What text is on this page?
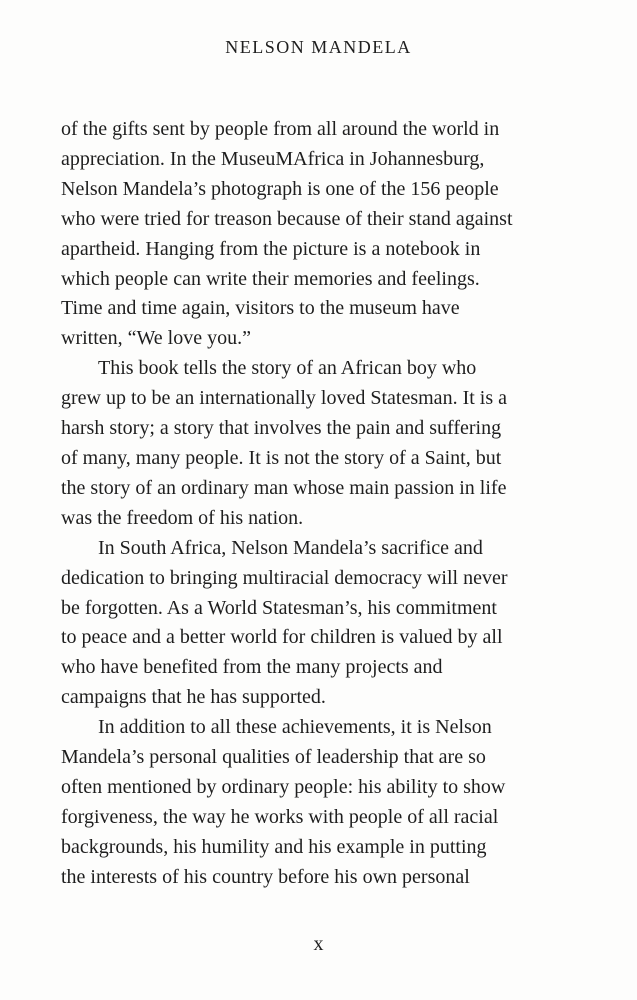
NELSON MANDELA

of the gifts sent by people from all around the world in
appreciation. In the MuseuMAfrica in Johannesburg,
Nelson Mandela’s photograph is one of the 156 people
who were tried for treason because of their stand against
apartheid. Hanging from the picture is a notebook in
which people can write their memories and feelings.
Time and time again, visitors to the museum have
written, “We love you.”

This book tells the story of an African boy who
grew up to be an internationally loved Statesman. It is a
harsh story; a story that involves the pain and suffering
of many, many people. It is not the story of a Saint, but
the story of an ordinary man whose main passion in life
was the freedom of his nation.

In South Africa, Nelson Mandela’s sacrifice and
dedication to bringing multiracial democracy will never
be forgotten. As a World Statesman’s, his commitment
to peace and a better world for children is valued by all
who have benefited from the many projects and
campaigns that he has supported.

In addition to all these achievements, it is Nelson
Mandela’s personal qualities of leadership that are so
often mentioned by ordinary people: his ability to show
forgiveness, the way he works with people of all racial
backgrounds, his humility and his example in putting
the interests of his country before his own personal

x
